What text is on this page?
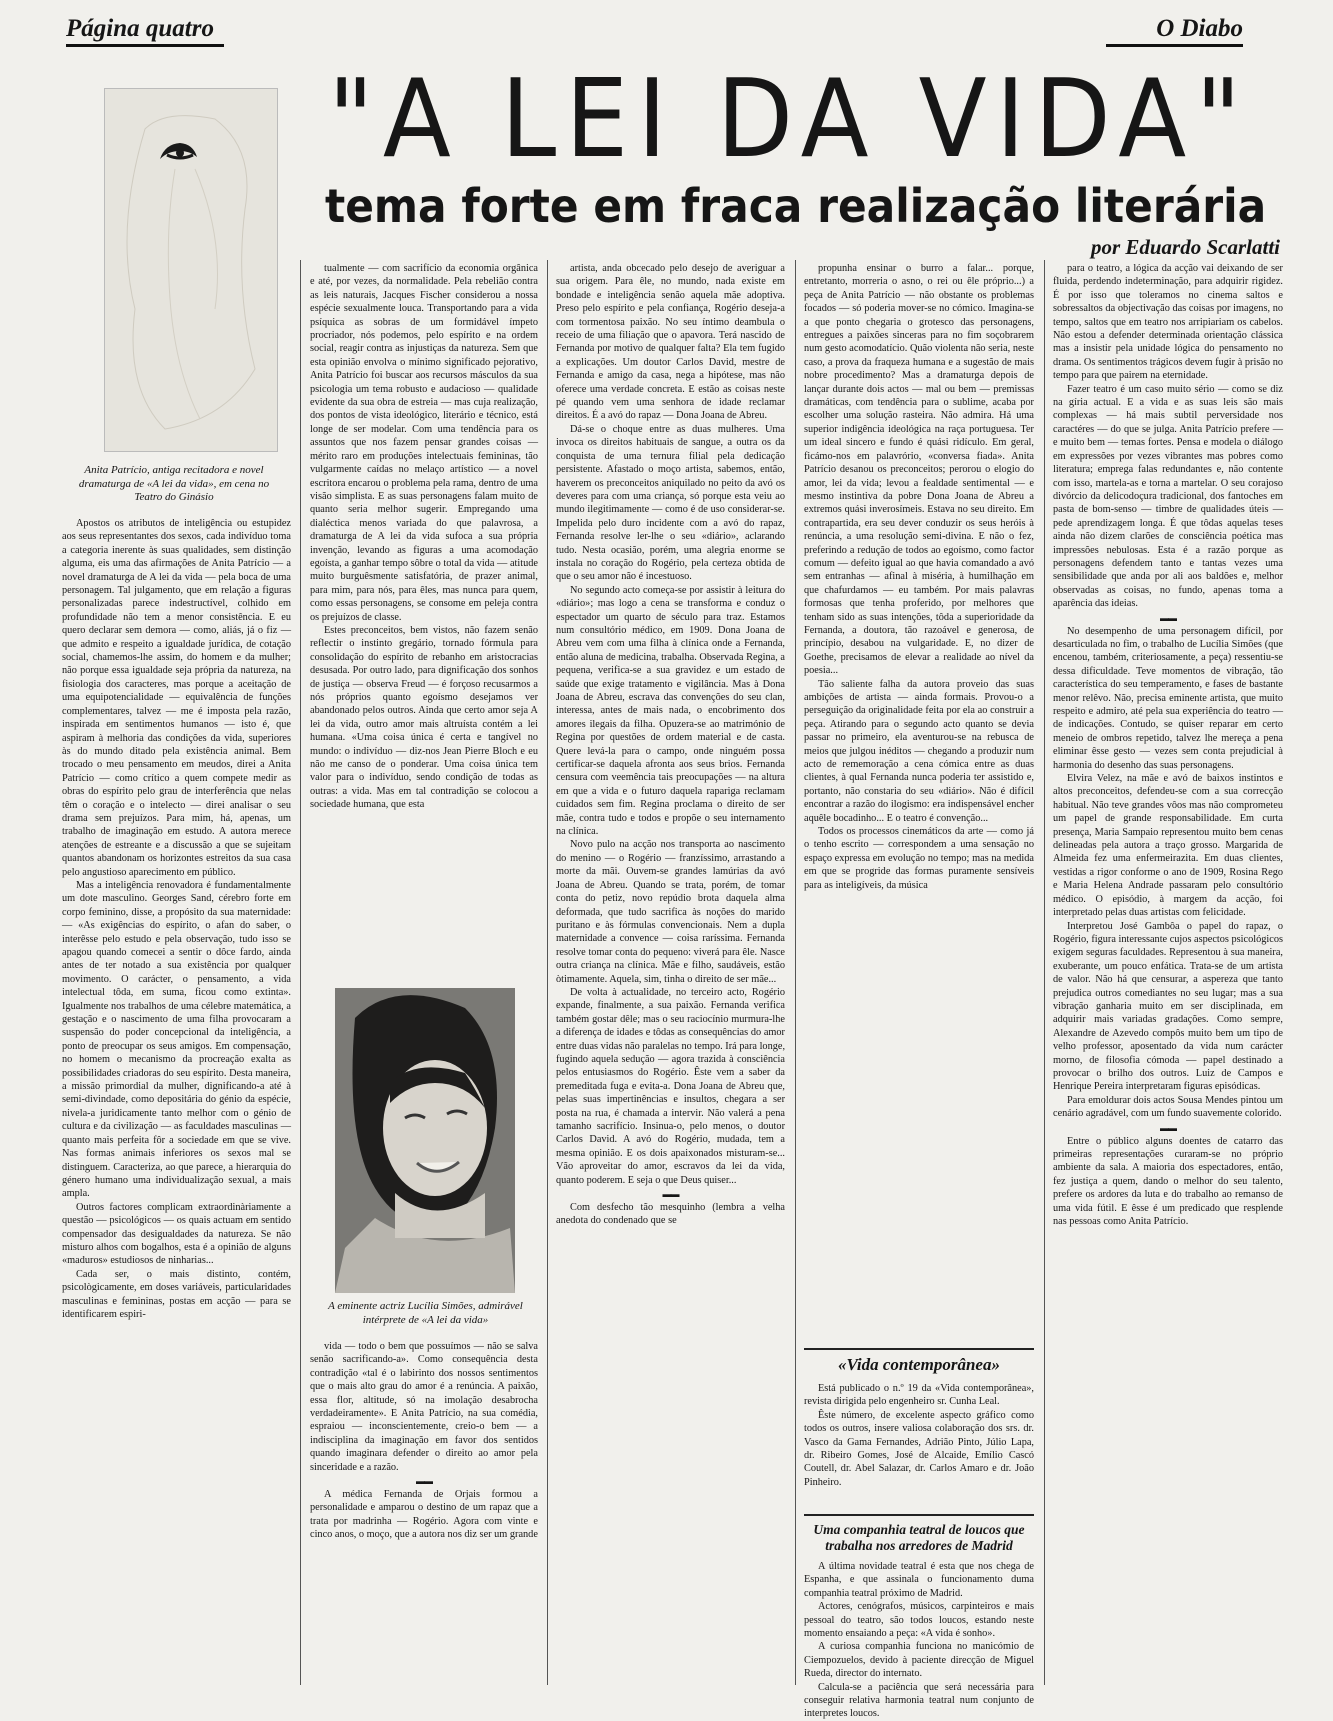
Página quatro	O Diabo
"A LEI DA VIDA"
tema forte em fraca realização literária
por Eduardo Scarlatti
Anita Patrício, antiga recitadora e novel dramaturga de «A lei da vida», em cena no Teatro do Ginásio

Apostos os atributos de inteligência ou estupidez aos seus representantes dos sexos, cada indivíduo toma a categoria inerente às suas qualidades, sem distinção alguma, eis uma das afirmações de Anita Patrício — a novel dramaturga de A lei da vida — pela boca de uma personagem. Tal julgamento, que em relação a figuras personalizadas parece indestructível, colhido em profundidade não tem a menor consistência. E eu quero declarar sem demora — como, aliás, já o fiz — que admito e respeito a igualdade jurídica, de cotação social, chamemos-lhe assim, do homem e da mulher; não porque essa igualdade seja própria da natureza, na fisiologia dos caracteres, mas porque a aceitação de uma equipotencialidade — equivalência de funções complementares, talvez — me é imposta pela razão, inspirada em sentimentos humanos — isto é, que aspiram à melhoria das condições da vida, superiores às do mundo ditado pela existência animal. Bem trocado o meu pensamento em meudos, direi a Anita Patrício — como crítico a quem compete medir as obras do espírito pelo grau de interferência que nelas têm o coração e o intelecto — direi analisar o seu drama sem prejuízos. Para mim, há, apenas, um trabalho de imaginação em estudo. A autora merece atenções de estreante e a discussão a que se sujeitam quantos abandonam os horizontes estreitos da sua casa pelo angustioso aparecimento em público.

Mas a inteligência renovadora é fundamentalmente um dote masculino. Georges Sand, cérebro forte em corpo feminino, disse, a propósito da sua maternidade: — «As exigências do espírito, o afan do saber, o interêsse pelo estudo e pela observação, tudo isso se apagou quando comecei a sentir o dôce fardo, ainda antes de ter notado a sua existência por qualquer movimento. O carácter, o pensamento, a vida intelectual tôda, em suma, ficou como extinta». Igualmente nos trabalhos de uma célebre matemática, a gestação e o nascimento de uma filha provocaram a suspensão do poder concepcional da inteligência, a ponto de preocupar os seus amigos. Em compensação, no homem o mecanismo da procreação exalta as possibilidades criadoras do seu espírito. Desta maneira, a missão primordial da mulher, dignificando-a até à semi-divindade, como depositária do génio da espécie, nivela-a juridicamente tanto melhor com o génio de cultura e da civilização — as faculdades masculinas — quanto mais perfeita fôr a sociedade em que se vive. Nas formas animais inferiores os sexos mal se distinguem. Caracteriza, ao que parece, a hierarquia do género humano uma individualização sexual, a mais ampla.

Outros factores complicam extraordinàriamente a questão — psicológicos — os quais actuam em sentido compensador das desigualdades da natureza. Se não misturo alhos com bogalhos, esta é a opinião de alguns «maduros» estudiosos de ninharias...

Cada ser, o mais distinto, contém, psicològicamente, em doses variáveis, particularidades masculinas e femininas, postas em acção — para se identificarem espiri-

tualmente — com sacrifício da economia orgânica e até, por vezes, da normalidade. Pela rebelião contra as leis naturais, Jacques Fischer considerou a nossa espécie sexualmente louca. Transportando para a vida psíquica as sobras de um formidável ímpeto procriador, nós podemos, pelo espírito e na ordem social, reagir contra as injustiças da natureza. Sem que esta opinião envolva o mínimo significado pejorativo, Anita Patrício foi buscar aos recursos másculos da sua psicologia um tema robusto e audacioso — qualidade evidente da sua obra de estreia — mas cuja realização, dos pontos de vista ideológico, literário e técnico, está longe de ser modelar. Com uma tendência para os assuntos que nos fazem pensar grandes coisas — mérito raro em produções intelectuais femininas, tão vulgarmente caídas no melaço artístico — a novel escritora encarou o problema pela rama, dentro de uma visão simplista. E as suas personagens falam muito de quanto seria melhor sugerir. Empregando uma dialéctica menos variada do que palavrosa, a dramaturga de A lei da vida sufoca a sua própria invenção, levando as figuras a uma acomodação egoísta, a ganhar tempo sôbre o total da vida — atitude muito burguêsmente satisfatória, de prazer animal, para mim, para nós, para êles, mas nunca para quem, como essas personagens, se consome em peleja contra os prejuízos de classe.

Estes preconceitos, bem vistos, não fazem senão reflectir o instinto gregário, tornado fórmula para consolidação do espírito de rebanho em aristocracias desusada. Por outro lado, para dignificação dos sonhos de justiça — observa Freud — é forçoso recusarmos a nós próprios quanto egoísmo desejamos ver abandonado pelos outros. Ainda que certo amor seja A lei da vida, outro amor mais altruísta contém a lei humana. «Uma coisa única é certa e tangível no mundo: o indivíduo — diz-nos Jean Pierre Bloch e eu não me canso de o ponderar. Uma coisa única tem valor para o indivíduo, sendo condição de todas as outras: a vida. Mas em tal contradição se colocou a sociedade humana, que esta

A eminente actriz Lucília Simões, admirável intérprete de «A lei da vida»

vida — todo o bem que possuímos — não se salva senão sacrificando-a». Como consequência desta contradição «tal é o labirinto dos nossos sentimentos que o mais alto grau do amor é a renúncia. A paixão, essa flor, altitude, só na imolação desabrocha verdadeiramente». E Anita Patrício, na sua comédia, espraiou — inconscientemente, creio-o bem — a indisciplina da imaginação em favor dos sentidos quando imaginara defender o direito ao amor pela sinceridade e a razão.

▬▬

A médica Fernanda de Orjais formou a personalidade e amparou o destino de um rapaz que a trata por madrinha — Rogério. Agora com vinte e cinco anos, o moço, que a autora nos diz ser um grande

artista, anda obcecado pelo desejo de averiguar a sua origem. Para êle, no mundo, nada existe em bondade e inteligência senão aquela mãe adoptiva. Preso pelo espírito e pela confiança, Rogério deseja-a com tormentosa paixão. No seu íntimo deambula o receio de uma filiação que o apavora. Terá nascido de Fernanda por motivo de qualquer falta? Ela tem fugido a explicações. Um doutor Carlos David, mestre de Fernanda e amigo da casa, nega a hipótese, mas não oferece uma verdade concreta. E estão as coisas neste pé quando vem uma senhora de idade reclamar direitos. É a avó do rapaz — Dona Joana de Abreu.

Dá-se o choque entre as duas mulheres. Uma invoca os direitos habituais de sangue, a outra os da conquista de uma ternura filial pela dedicação persistente. Afastado o moço artista, sabemos, então, haverem os preconceitos aniquilado no peito da avó os deveres para com uma criança, só porque esta veiu ao mundo ilegitimamente — como é de uso considerar-se. Impelida pelo duro incidente com a avó do rapaz, Fernanda resolve ler-lhe o seu «diário», aclarando tudo. Nesta ocasião, porém, uma alegria enorme se instala no coração do Rogério, pela certeza obtida de que o seu amor não é incestuoso.

No segundo acto começa-se por assistir à leitura do «diário»; mas logo a cena se transforma e conduz o espectador um quarto de século para traz. Estamos num consultório médico, em 1909. Dona Joana de Abreu vem com uma filha à clínica onde a Fernanda, então aluna de medicina, trabalha. Observada Regina, a pequena, verifica-se a sua gravidez e um estado de saúde que exige tratamento e vigilância. Mas à Dona Joana de Abreu, escrava das convenções do seu clan, interessa, antes de mais nada, o encobrimento dos amores ilegais da filha. Opuzera-se ao matrimónio de Regina por questões de ordem material e de casta. Quere levá-la para o campo, onde ninguém possa certificar-se daquela afronta aos seus brios. Fernanda censura com veemência tais preocupações — na altura em que a vida e o futuro daquela rapariga reclamam cuidados sem fim. Regina proclama o direito de ser mãe, contra tudo e todos e propõe o seu internamento na clínica.

Novo pulo na acção nos transporta ao nascimento do menino — o Rogério — franzíssimo, arrastando a morte da mãi. Ouvem-se grandes lamúrias da avó Joana de Abreu. Quando se trata, porém, de tomar conta do petiz, novo repúdio brota daquela alma deformada, que tudo sacrifica às noções do marido puritano e às fórmulas convencionais. Nem a dupla maternidade a convence — coisa raríssima. Fernanda resolve tomar conta do pequeno: viverá para êle. Nasce outra criança na clínica. Mãe e filho, saudáveis, estão òtimamente. Aquela, sim, tinha o direito de ser mãe...

De volta à actualidade, no terceiro acto, Rogério expande, finalmente, a sua paixão. Fernanda verifica também gostar dêle; mas o seu raciocínio murmura-lhe a diferença de idades e tôdas as consequências do amor entre duas vidas não paralelas no tempo. Irá para longe, fugindo aquela sedução — agora trazida à consciência pelos entusiasmos do Rogério. Êste vem a saber da premeditada fuga e evita-a. Dona Joana de Abreu que, pelas suas impertinências e insultos, chegara a ser posta na rua, é chamada a intervir. Não valerá a pena tamanho sacrifício. Insinua-o, pelo menos, o doutor Carlos David. A avó do Rogério, mudada, tem a mesma opinião. E os dois apaixonados misturam-se... Vão aproveitar do amor, escravos da lei da vida, quanto poderem. E seja o que Deus quiser...

▬▬

Com desfecho tão mesquinho (lembra a velha anedota do condenado que se

propunha ensinar o burro a falar... porque, entretanto, morreria o asno, o rei ou êle próprio...) a peça de Anita Patrício — não obstante os problemas focados — só poderia mover-se no cómico. Imagina-se a que ponto chegaria o grotesco das personagens, entregues a paixões sinceras para no fim soçobrarem num gesto acomodatício. Quão violenta não seria, neste caso, a prova da fraqueza humana e a sugestão de mais nobre procedimento? Mas a dramaturga depois de lançar durante dois actos — mal ou bem — premissas dramáticas, com tendência para o sublime, acaba por escolher uma solução rasteira. Não admira. Há uma superior indigência ideológica na raça portuguesa. Ter um ideal sincero e fundo é quási ridículo. Em geral, ficámo-nos em palavrório, «conversa fiada». Anita Patrício desanou os preconceitos; perorou o elogio do amor, lei da vida; levou a fealdade sentimental — e mesmo instintiva da pobre Dona Joana de Abreu a extremos quási inverosímeis. Estava no seu direito. Em contrapartida, era seu dever conduzir os seus heróis à renúncia, a uma resolução semi-divina. E não o fez, preferindo a redução de todos ao egoísmo, como factor comum — defeito igual ao que havia comandado a avó sem entranhas — afinal à miséria, à humilhação em que chafurdamos — eu também. Por mais palavras formosas que tenha proferido, por melhores que tenham sido as suas intenções, tôda a superioridade da Fernanda, a doutora, tão razoável e generosa, de princípio, desabou na vulgaridade. E, no dizer de Goethe, precisamos de elevar a realidade ao nível da poesia...

Tão saliente falha da autora proveio das suas ambições de artista — ainda formais. Provou-o a perseguição da originalidade feita por ela ao construir a peça. Atirando para o segundo acto quanto se devia passar no primeiro, ela aventurou-se na rebusca de meios que julgou inéditos — chegando a produzir num acto de rememoração a cena cómica entre as duas clientes, à qual Fernanda nunca poderia ter assistido e, portanto, não constaria do seu «diário». Não é difícil encontrar a razão do ilogismo: era indispensável encher aquêle bocadinho... E o teatro é convenção...

Todos os processos cinemáticos da arte — como já o tenho escrito — correspondem a uma sensação no espaço expressa em evolução no tempo; mas na medida em que se progride das formas puramente sensíveis para as inteligíveis, da música

«Vida contemporânea»

Está publicado o n.º 19 da «Vida contemporânea», revista dirigida pelo engenheiro sr. Cunha Leal.

Êste número, de excelente aspecto gráfico como todos os outros, insere valiosa colaboração dos srs. dr. Vasco da Gama Fernandes, Adrião Pinto, Júlio Lapa, dr. Ribeiro Gomes, José de Alcaide, Emílio Cascó Coutell, dr. Abel Salazar, dr. Carlos Amaro e dr. João Pinheiro.

Uma companhia teatral de loucos que trabalha nos arredores de Madrid

A última novidade teatral é esta que nos chega de Espanha, e que assinala o funcionamento duma companhia teatral próximo de Madrid.

Actores, cenógrafos, músicos, carpinteiros e mais pessoal do teatro, são todos loucos, estando neste momento ensaiando a peça: «A vida é sonho».

A curiosa companhia funciona no manicómio de Ciempozuelos, devido à paciente direcção de Miguel Rueda, director do internato.

Calcula-se a paciência que será necessária para conseguir relativa harmonia teatral num conjunto de interpretes loucos.

para o teatro, a lógica da acção vai deixando de ser fluida, perdendo indeterminação, para adquirir rigidez. É por isso que toleramos no cinema saltos e sobressaltos da objectivação das coisas por imagens, no tempo, saltos que em teatro nos arripiariam os cabelos. Não estou a defender determinada orientação clássica mas a insistir pela unidade lógica do pensamento no drama. Os sentimentos trágicos devem fugir à prisão no tempo para que pairem na eternidade.

Fazer teatro é um caso muito sério — como se diz na gíria actual. E a vida e as suas leis são mais complexas — há mais subtil perversidade nos caractéres — do que se julga. Anita Patrício prefere — e muito bem — temas fortes. Pensa e modela o diálogo em expressões por vezes vibrantes mas pobres como literatura; emprega falas redundantes e, não contente com isso, martela-as e torna a martelar. O seu corajoso divórcio da delicodoçura tradicional, dos fantoches em pasta de bom-senso — timbre de qualidades úteis — pede aprendizagem longa. É que tôdas aquelas teses ainda não dizem clarões de consciência poética mas impressões nebulosas. Esta é a razão porque as personagens defendem tanto e tantas vezes uma sensibilidade que anda por ali aos baldões e, melhor observadas as coisas, no fundo, apenas toma a aparência das ideias.

▬▬

No desempenho de uma personagem difícil, por desarticulada no fim, o trabalho de Lucília Simões (que encenou, também, criteriosamente, a peça) ressentiu-se dessa dificuldade. Teve momentos de vibração, tão característica do seu temperamento, e fases de bastante menor relêvo. Não, precisa eminente artista, que muito respeito e admiro, até pela sua experiência do teatro — de indicações. Contudo, se quiser reparar em certo meneio de ombros repetido, talvez lhe mereça a pena eliminar êsse gesto — vezes sem conta prejudicial à harmonia do desenho das suas personagens.

Elvira Velez, na mãe e avó de baixos instintos e altos preconceitos, defendeu-se com a sua correcção habitual. Não teve grandes vôos mas não comprometeu um papel de grande responsabilidade. Em curta presença, Maria Sampaio representou muito bem cenas delineadas pela autora a traço grosso. Margarida de Almeida fez uma enfermeirazita. Em duas clientes, vestidas a rigor conforme o ano de 1909, Rosina Rego e Maria Helena Andrade passaram pelo consultório médico. O episódio, à margem da acção, foi interpretado pelas duas artistas com felicidade.

Interpretou José Gambôa o papel do rapaz, o Rogério, figura interessante cujos aspectos psicológicos exigem seguras faculdades. Representou à sua maneira, exuberante, um pouco enfática. Trata-se de um artista de valor. Não há que censurar, a aspereza que tanto prejudica outros comediantes no seu lugar; mas a sua vibração ganharia muito em ser disciplinada, em adquirir mais variadas gradações. Como sempre, Alexandre de Azevedo compôs muito bem um tipo de velho professor, aposentado da vida num carácter morno, de filosofia cómoda — papel destinado a provocar o brilho dos outros. Luiz de Campos e Henrique Pereira interpretaram figuras episódicas.

Para emoldurar dois actos Sousa Mendes pintou um cenário agradável, com um fundo suavemente colorido.

▬▬

Entre o público alguns doentes de catarro das primeiras representações curaram-se no próprio ambiente da sala. A maioria dos espectadores, então, fez justiça a quem, dando o melhor do seu talento, prefere os ardores da luta e do trabalho ao remanso de uma vida fútil. E êsse é um predicado que resplende nas pessoas como Anita Patrício.
